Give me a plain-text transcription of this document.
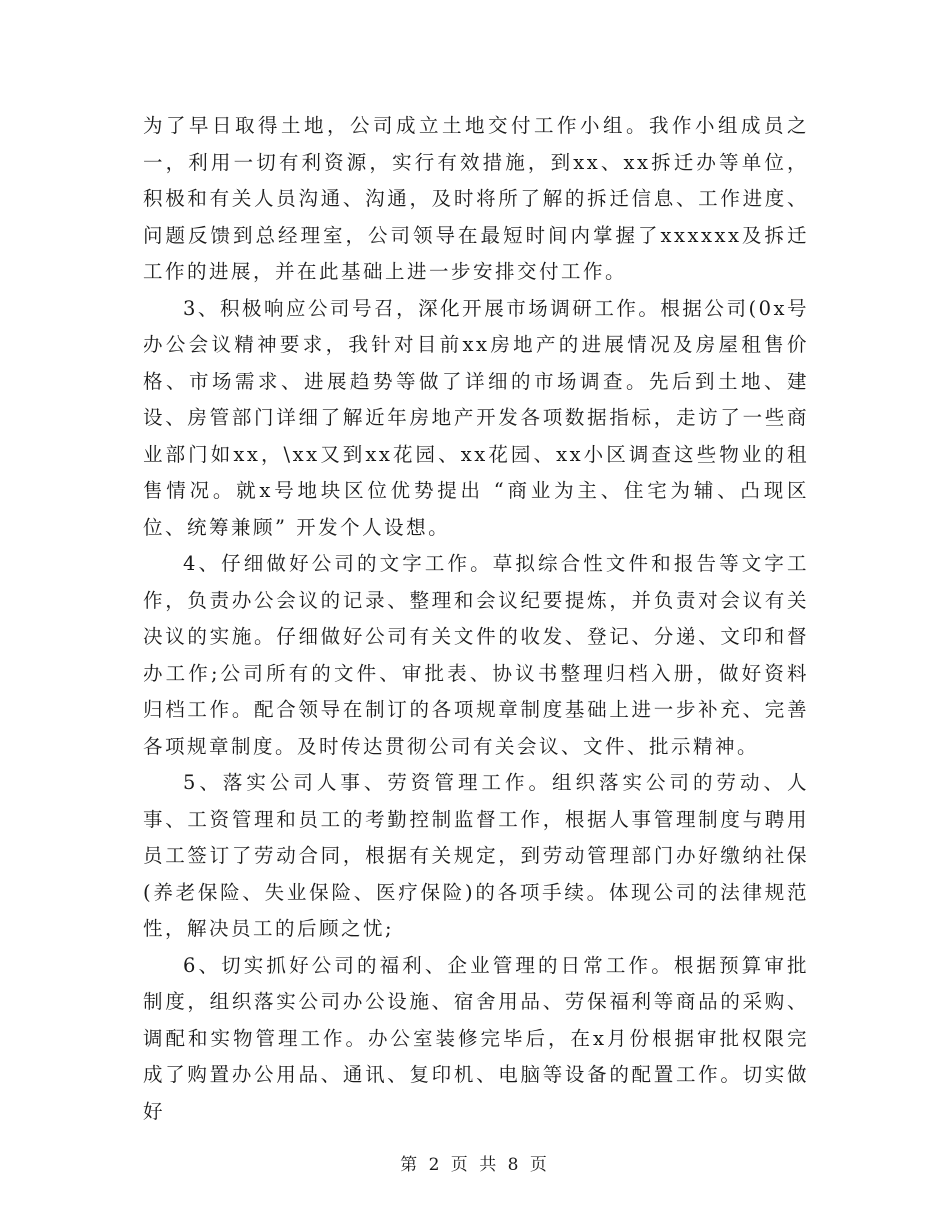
为了早日取得土地，公司成立土地交付工作小组。我作小组成员之一，利用一切有利资源，实行有效措施，到xx、xx拆迁办等单位，积极和有关人员沟通、沟通，及时将所了解的拆迁信息、工作进度、问题反馈到总经理室，公司领导在最短时间内掌握了xxxxxx及拆迁工作的进展，并在此基础上进一步安排交付工作。

3、积极响应公司号召，深化开展市场调研工作。根据公司(0x号办公会议精神要求，我针对目前xx房地产的进展情况及房屋租售价格、市场需求、进展趋势等做了详细的市场调查。先后到土地、建设、房管部门详细了解近年房地产开发各项数据指标，走访了一些商业部门如xx，\xx又到xx花园、xx花园、xx小区调查这些物业的租售情况。就x号地块区位优势提出 “商业为主、住宅为辅、凸现区位、统筹兼顾” 开发个人设想。

4、仔细做好公司的文字工作。草拟综合性文件和报告等文字工作，负责办公会议的记录、整理和会议纪要提炼，并负责对会议有关决议的实施。仔细做好公司有关文件的收发、登记、分递、文印和督办工作;公司所有的文件、审批表、协议书整理归档入册，做好资料归档工作。配合领导在制订的各项规章制度基础上进一步补充、完善各项规章制度。及时传达贯彻公司有关会议、文件、批示精神。

5、落实公司人事、劳资管理工作。组织落实公司的劳动、人事、工资管理和员工的考勤控制监督工作，根据人事管理制度与聘用员工签订了劳动合同，根据有关规定，到劳动管理部门办好缴纳社保(养老保险、失业保险、医疗保险)的各项手续。体现公司的法律规范性，解决员工的后顾之忧;

6、切实抓好公司的福利、企业管理的日常工作。根据预算审批制度，组织落实公司办公设施、宿舍用品、劳保福利等商品的采购、调配和实物管理工作。办公室装修完毕后，在x月份根据审批权限完成了购置办公用品、通讯、复印机、电脑等设备的配置工作。切实做好

第 2 页 共 8 页
